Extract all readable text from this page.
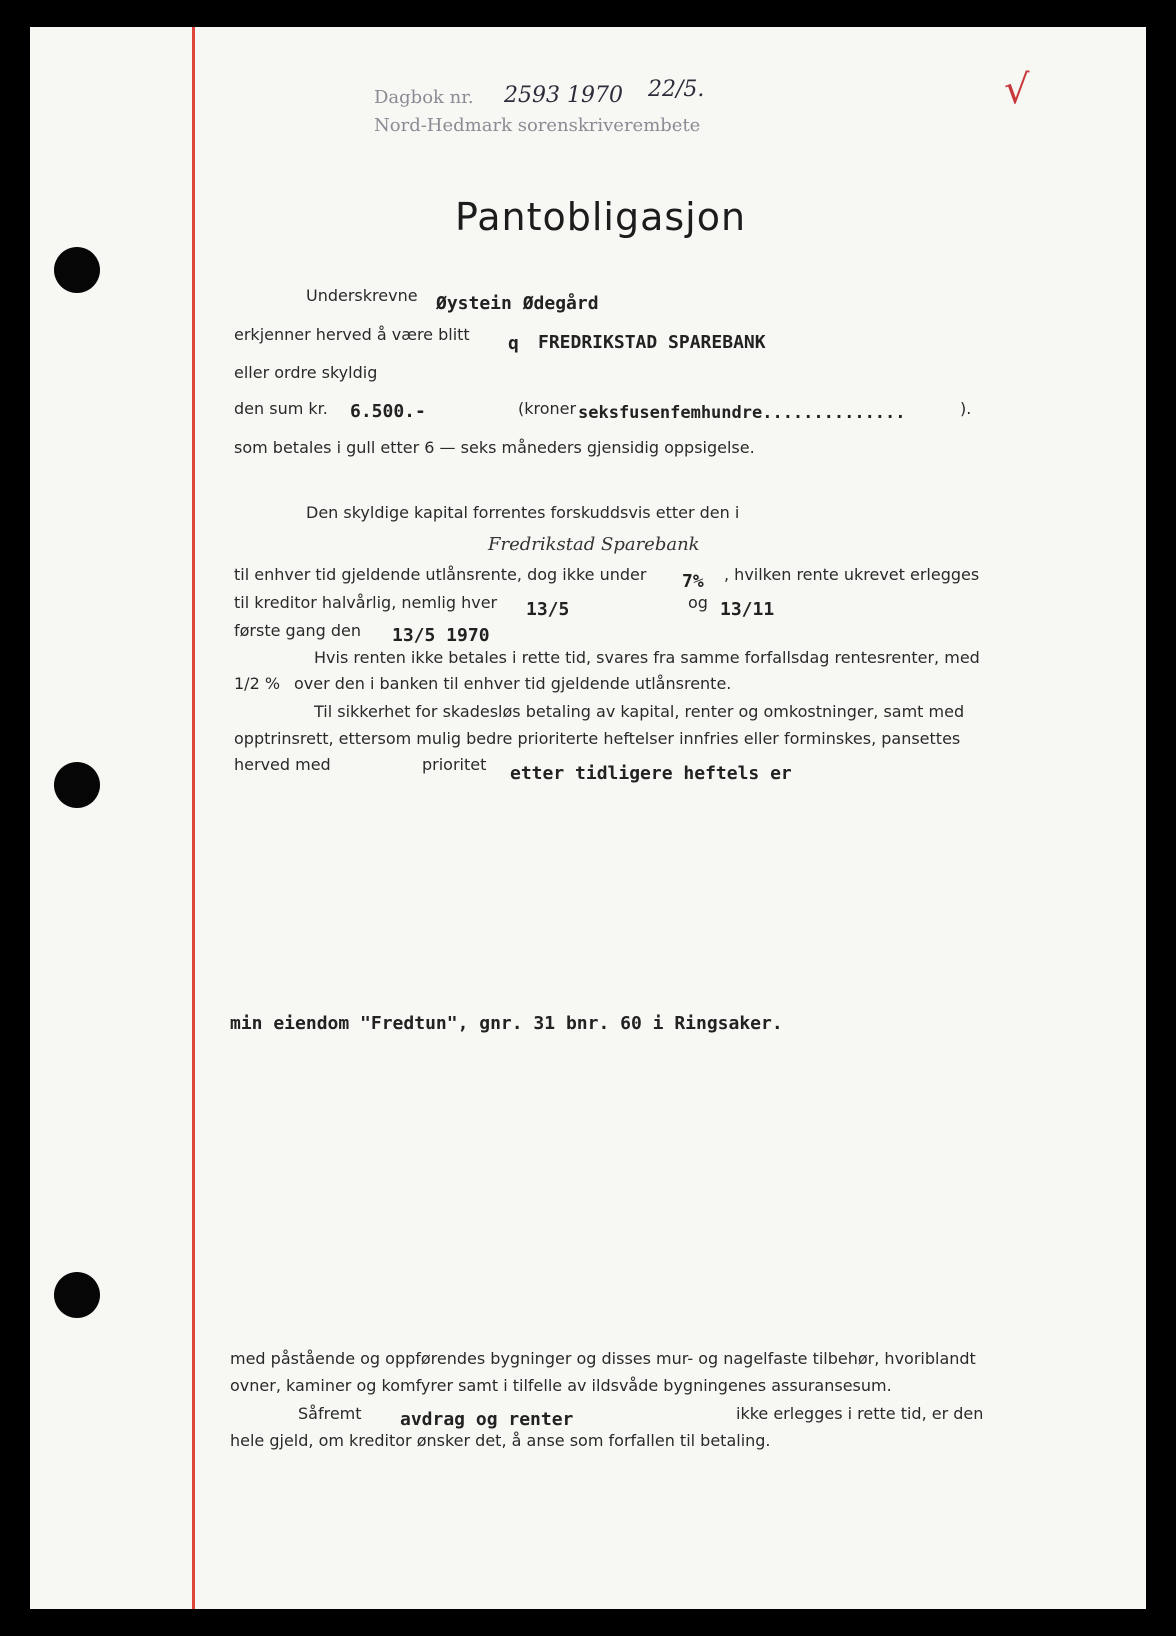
Dagbok nr. 2593 1970 22/5.
Nord-Hedmark sorenskriverembete
√
Pantobligasjon
Underskrevne Øystein Ødegård
erkjenner herved å være blitt q FREDRIKSTAD SPAREBANK
eller ordre skyldig
den sum kr. 6.500.-	(kroner seksfusenfemhundre..............	).
som betales i gull etter 6 — seks måneders gjensidig oppsigelse.
Den skyldige kapital forrentes forskuddsvis etter den i
Fredrikstad Sparebank
til enhver tid gjeldende utlånsrente, dog ikke under 7% , hvilken rente ukrevet erlegges
til kreditor halvårlig, nemlig hver 13/5	og 13/11
første gang den 13/5 1970
Hvis renten ikke betales i rette tid, svares fra samme forfallsdag rentesrenter, med
1/2 % over den i banken til enhver tid gjeldende utlånsrente.
Til sikkerhet for skadesløs betaling av kapital, renter og omkostninger, samt med
opptrinsrett, ettersom mulig bedre prioriterte heftelser innfries eller forminskes, pansettes
herved med	prioritet etter tidligere heftels er
min eiendom "Fredtun", gnr. 31 bnr. 60 i Ringsaker.
med påstående og oppførendes bygninger og disses mur- og nagelfaste tilbehør, hvoriblandt
ovner, kaminer og komfyrer samt i tilfelle av ildsvåde bygningenes assuransesum.
Såfremt avdrag og renter	ikke erlegges i rette tid, er den
hele gjeld, om kreditor ønsker det, å anse som forfallen til betaling.
